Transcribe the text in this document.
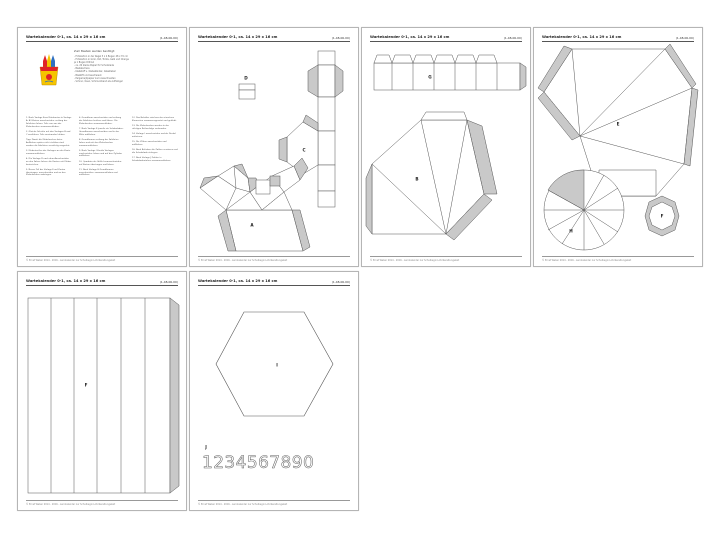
Wartekalender 0-1, ca. 14 x 29 x 16 cm	(1-48-06-00)
Zum Basteln werden benötigt:
- Fotokarton in der Regel 5 x 4 Bogen 48 x 70 cm
- Fotokarton in Grün, Rot, Türkis, Gelb und Orange
je 1 Bogen DIN A4
- ca. 20 kleine Papier für Schokolade
- Bastelschere
- Klebstoff u. Klebebänder, Alleskleber
- Bleistift und Geodreieck
- Pergamentpapier zum Ausschneiden
- Schnur, Ösen, Schmuckband als Aufhänger
1. Nach Vorlage A auf Fotokarton in Vorlage A- B3 Karton ausschneiden, entlang der Falzlinien falzen. Teile von aus der Klebelaschen zusammenkleben.
2. Gleiche Schritte mit den Vorlagen B und C ausführen, Teile aneinander kleben.
Tipp: Damit die Klebelaschen beim Aufkleben später nicht sichtbar sind, werden die Falzlinien vorsichtig vorgeritzt.
3. Klebestreifen der Vorlagen an der Kante zusammenkleben.
4. Die Vorlage D nach dem Ausschneiden an den Falzen falzen, die Kanten mit Kleber bestreichen.
5. Neues Teil der Vorlage E auf Karton übertragen, ausschneiden und an den Klebelaschen anbringen.
6. Grundform ausschneiden und entlang der Falzlinien knicken und falzen. Die Klebelaschen zusammenkleben.
7. Nach Vorlage E jeweils ein Schokoladen-Grundformen ausschneiden und in der Mitte aufkleben.
8. Grundformen entlang der Falzlinien falzen und mit den Klebelaschen zusammenkleben.
9. Nach Vorlage G beide Vorlagen zuschneiden, falzen und auf den Zylinder aufkleben.
10. Quadrate als Griffe herausschneiden, auf Karton übertragen und falzen.
11. Nach Vorlage H Grundformen ausschneiden, zusammenkleben und aufkleben.
12. Das Behälter wird aus den einzelnen Elementen zusammengesetzt und geklebt.
13. Die Klebelaschen werden in der richtigen Reihenfolge verbunden.
14. Vorlage I ausschneiden und als Deckel aufsetzen.
15. Die Ziffern ausschneiden und aufkleben.
16. Nach Belieben die Zahlen verzieren und die Schokolade einlegen.
17. Nach Vorlage J Zahlen in Schokoladentalern zusammenkleben.
© Ernst Weber 2014 - 2016 - Lernkalender zur Schulbeginn-Vorbereitungszeit
Wartekalender 0-1, ca. 14 x 29 x 16 cm	(1-48-06-00)
D
C
A
© Ernst Weber 2014 - 2016 - Lernkalender zur Schulbeginn-Vorbereitungszeit
Wartekalender 0-1, ca. 14 x 29 x 16 cm	(1-48-06-00)
G
B
© Ernst Weber 2014 - 2016 - Lernkalender zur Schulbeginn-Vorbereitungszeit
Wartekalender 0-1, ca. 14 x 29 x 16 cm	(1-48-06-00)
E
H
F
© Ernst Weber 2014 - 2016 - Lernkalender zur Schulbeginn-Vorbereitungszeit
Wartekalender 0-1, ca. 14 x 29 x 16 cm	(1-48-06-00)
F
© Ernst Weber 2014 - 2016 - Lernkalender zur Schulbeginn-Vorbereitungszeit
Wartekalender 0-1, ca. 14 x 29 x 16 cm	(1-48-06-00)
I
J
1234567890
© Ernst Weber 2014 - 2016 - Lernkalender zur Schulbeginn-Vorbereitungszeit
